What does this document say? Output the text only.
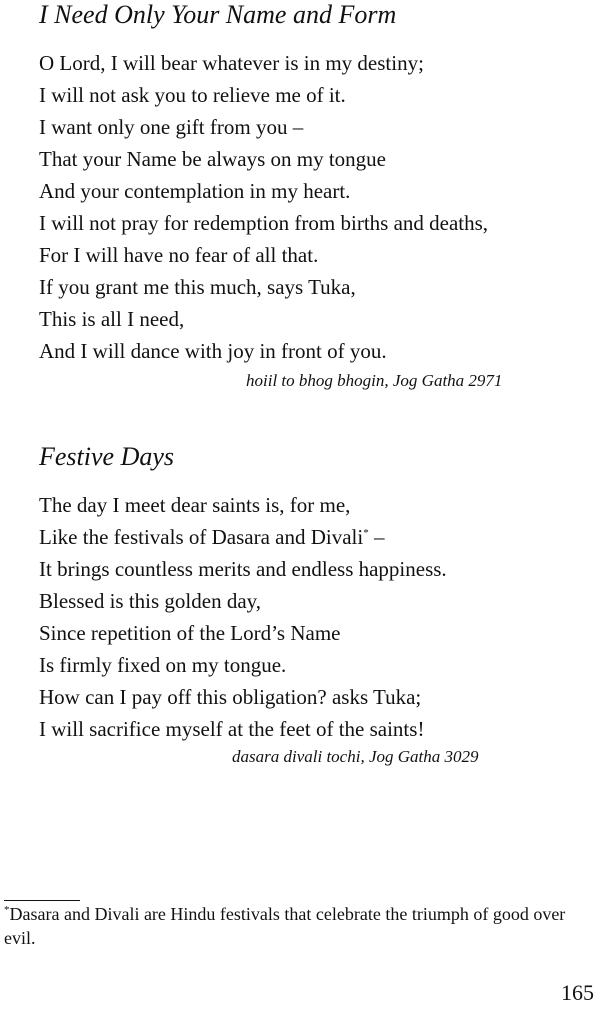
I Need Only Your Name and Form
O Lord, I will bear whatever is in my destiny;
I will not ask you to relieve me of it.
I want only one gift from you –
That your Name be always on my tongue
And your contemplation in my heart.
I will not pray for redemption from births and deaths,
For I will have no fear of all that.
If you grant me this much, says Tuka,
This is all I need,
And I will dance with joy in front of you.
hoiil to bhog bhogin, Jog Gatha 2971
Festive Days
The day I meet dear saints is, for me,
Like the festivals of Dasara and Divali* –
It brings countless merits and endless happiness.
Blessed is this golden day,
Since repetition of the Lord’s Name
Is firmly fixed on my tongue.
How can I pay off this obligation? asks Tuka;
I will sacrifice myself at the feet of the saints!
dasara divali tochi, Jog Gatha 3029
*Dasara and Divali are Hindu festivals that celebrate the triumph of good over evil.
165
